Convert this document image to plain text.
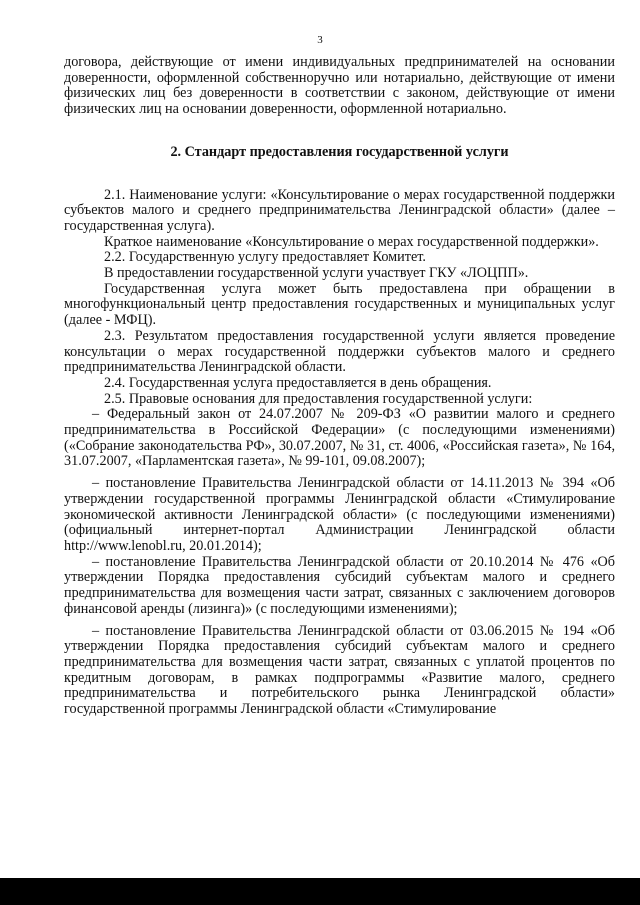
3

договора, действующие от имени индивидуальных предпринимателей на основании доверенности, оформленной собственноручно или нотариально, действующие от имени физических лиц без доверенности в соответствии с законом, действующие от имени физических лиц на основании доверенности, оформленной нотариально.

2. Стандарт предоставления государственной услуги

2.1. Наименование услуги: «Консультирование о мерах государственной поддержки субъектов малого и среднего предпринимательства Ленинградской области» (далее – государственная услуга).

Краткое наименование «Консультирование о мерах государственной поддержки».

2.2. Государственную услугу предоставляет Комитет.

В предоставлении государственной услуги участвует ГКУ «ЛОЦПП».

Государственная услуга может быть предоставлена при обращении в многофункциональный центр предоставления государственных и муниципальных услуг (далее - МФЦ).

2.3. Результатом предоставления государственной услуги является проведение консультации о мерах государственной поддержки субъектов малого и среднего предпринимательства Ленинградской области.

2.4. Государственная услуга предоставляется в день обращения.

2.5. Правовые основания для предоставления государственной услуги:

– Федеральный закон от 24.07.2007 № 209-ФЗ «О развитии малого и среднего предпринимательства в Российской Федерации» (с последующими изменениями) («Собрание законодательства РФ», 30.07.2007, № 31, ст. 4006, «Российская газета», № 164, 31.07.2007, «Парламентская газета», № 99-101, 09.08.2007);

– постановление Правительства Ленинградской области от 14.11.2013 № 394 «Об утверждении государственной программы Ленинградской области «Стимулирование экономической активности Ленинградской области» (с последующими изменениями) (официальный интернет-портал Администрации Ленинградской области http://www.lenobl.ru, 20.01.2014);

– постановление Правительства Ленинградской области от 20.10.2014 № 476 «Об утверждении Порядка предоставления субсидий субъектам малого и среднего предпринимательства для возмещения части затрат, связанных с заключением договоров финансовой аренды (лизинга)» (с последующими изменениями);

– постановление Правительства Ленинградской области от 03.06.2015 № 194 «Об утверждении Порядка предоставления субсидий субъектам малого и среднего предпринимательства для возмещения части затрат, связанных с уплатой процентов по кредитным договорам, в рамках подпрограммы «Развитие малого, среднего предпринимательства и потребительского рынка Ленинградской области» государственной программы Ленинградской области «Стимулирование
